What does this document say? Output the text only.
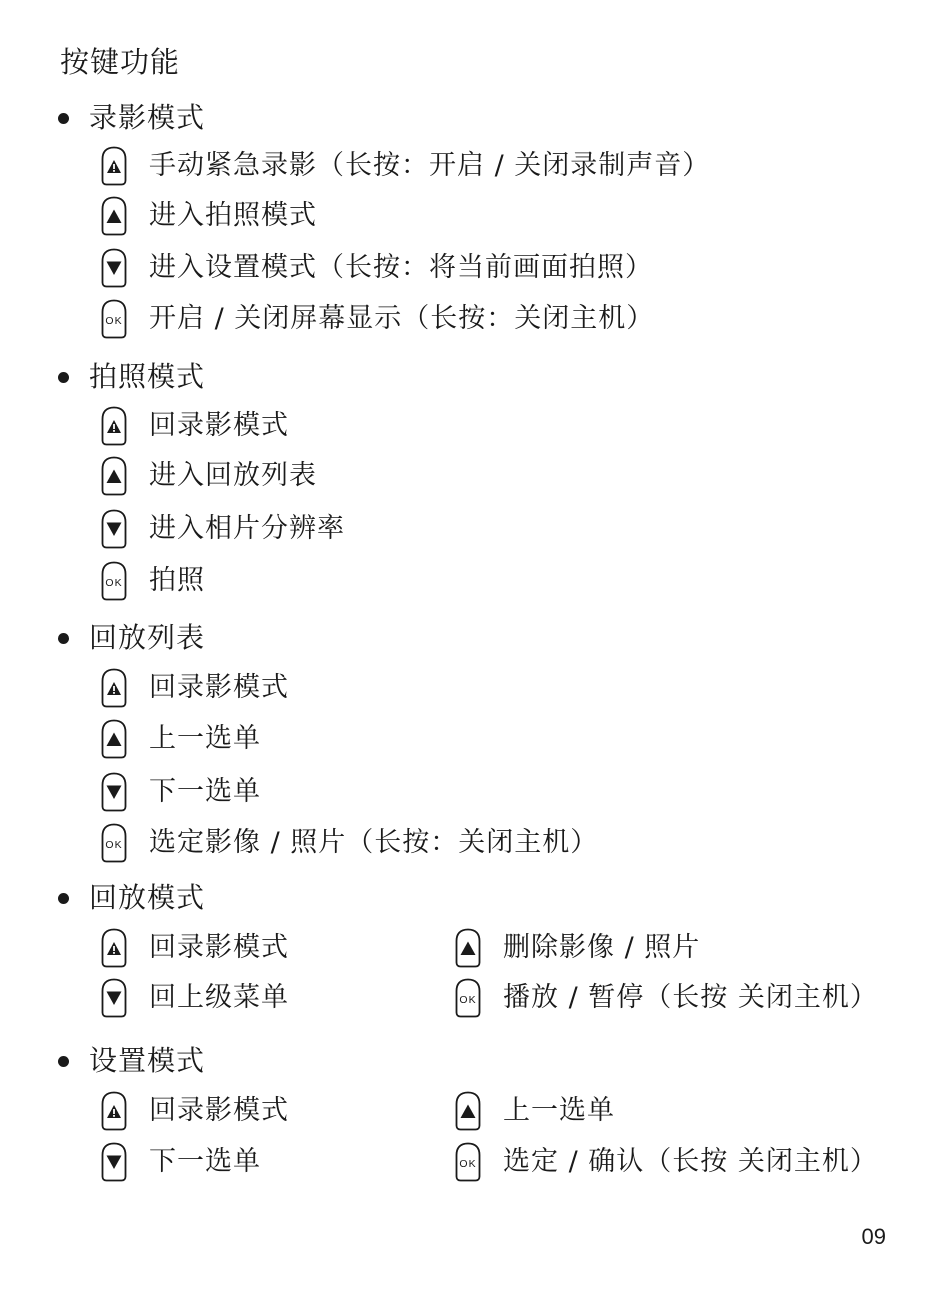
按键功能
录影模式
手动紧急录影（长按：开启 / 关闭录制声音）
进入拍照模式
进入设置模式（长按：将当前画面拍照）
OK 开启 / 关闭屏幕显示（长按：关闭主机）
拍照模式
回录影模式
进入回放列表
进入相片分辨率
OK 拍照
回放列表
回录影模式
上一选单
下一选单
OK 选定影像 / 照片（长按：关闭主机）
回放模式
回录影模式	删除影像 / 照片
回上级菜单	OK 播放 / 暂停（长按 关闭主机）
设置模式
回录影模式	上一选单
下一选单	OK 选定 / 确认（长按 关闭主机）
09
